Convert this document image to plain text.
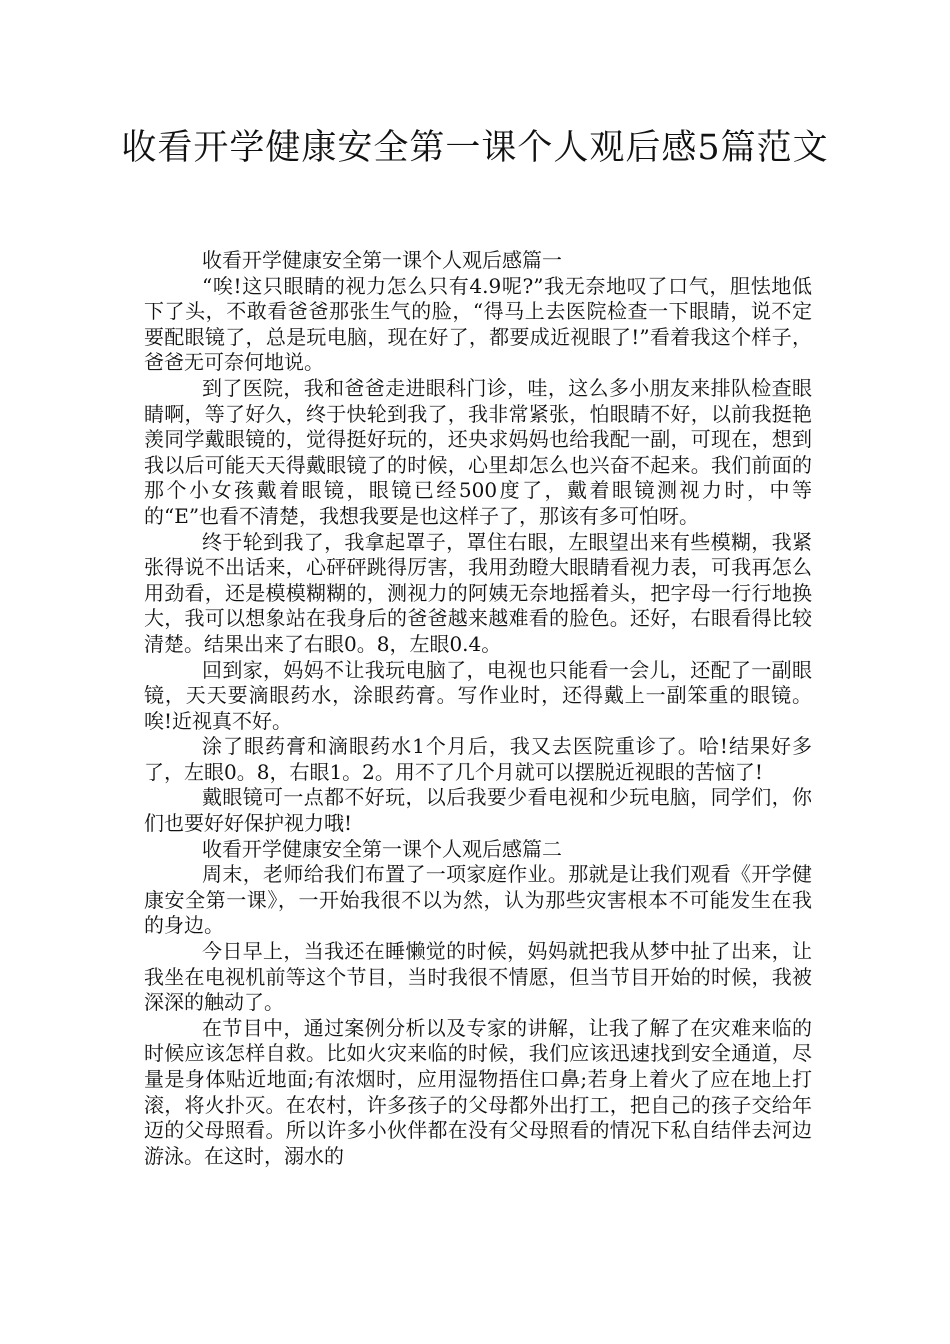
收看开学健康安全第一课个人观后感5篇范文

收看开学健康安全第一课个人观后感篇一

“唉!这只眼睛的视力怎么只有4.9呢?”我无奈地叹了口气，胆怯地低下了头，不敢看爸爸那张生气的脸，“得马上去医院检查一下眼睛，说不定要配眼镜了，总是玩电脑，现在好了，都要成近视眼了!”看着我这个样子，爸爸无可奈何地说。

到了医院，我和爸爸走进眼科门诊，哇，这么多小朋友来排队检查眼睛啊，等了好久，终于快轮到我了，我非常紧张，怕眼睛不好，以前我挺艳羡同学戴眼镜的，觉得挺好玩的，还央求妈妈也给我配一副，可现在，想到我以后可能天天得戴眼镜了的时候，心里却怎么也兴奋不起来。我们前面的那个小女孩戴着眼镜，眼镜已经500度了，戴着眼镜测视力时，中等的“E”也看不清楚，我想我要是也这样子了，那该有多可怕呀。

终于轮到我了，我拿起罩子，罩住右眼，左眼望出来有些模糊，我紧张得说不出话来，心砰砰跳得厉害，我用劲瞪大眼睛看视力表，可我再怎么用劲看，还是模模糊糊的，测视力的阿姨无奈地摇着头，把字母一行行地换大，我可以想象站在我身后的爸爸越来越难看的脸色。还好，右眼看得比较清楚。结果出来了右眼0。8，左眼0.4。

回到家，妈妈不让我玩电脑了，电视也只能看一会儿，还配了一副眼镜，天天要滴眼药水，涂眼药膏。写作业时，还得戴上一副笨重的眼镜。唉!近视真不好。

涂了眼药膏和滴眼药水1个月后，我又去医院重诊了。哈!结果好多了，左眼0。8，右眼1。2。用不了几个月就可以摆脱近视眼的苦恼了!

戴眼镜可一点都不好玩，以后我要少看电视和少玩电脑，同学们，你们也要好好保护视力哦!

收看开学健康安全第一课个人观后感篇二

周末，老师给我们布置了一项家庭作业。那就是让我们观看《开学健康安全第一课》，一开始我很不以为然，认为那些灾害根本不可能发生在我的身边。

今日早上，当我还在睡懒觉的时候，妈妈就把我从梦中扯了出来，让我坐在电视机前等这个节目，当时我很不情愿，但当节目开始的时候，我被深深的触动了。

在节目中，通过案例分析以及专家的讲解，让我了解了在灾难来临的时候应该怎样自救。比如火灾来临的时候，我们应该迅速找到安全通道，尽量是身体贴近地面;有浓烟时，应用湿物捂住口鼻;若身上着火了应在地上打滚，将火扑灭。在农村，许多孩子的父母都外出打工，把自己的孩子交给年迈的父母照看。所以许多小伙伴都在没有父母照看的情况下私自结伴去河边游泳。在这时，溺水的
